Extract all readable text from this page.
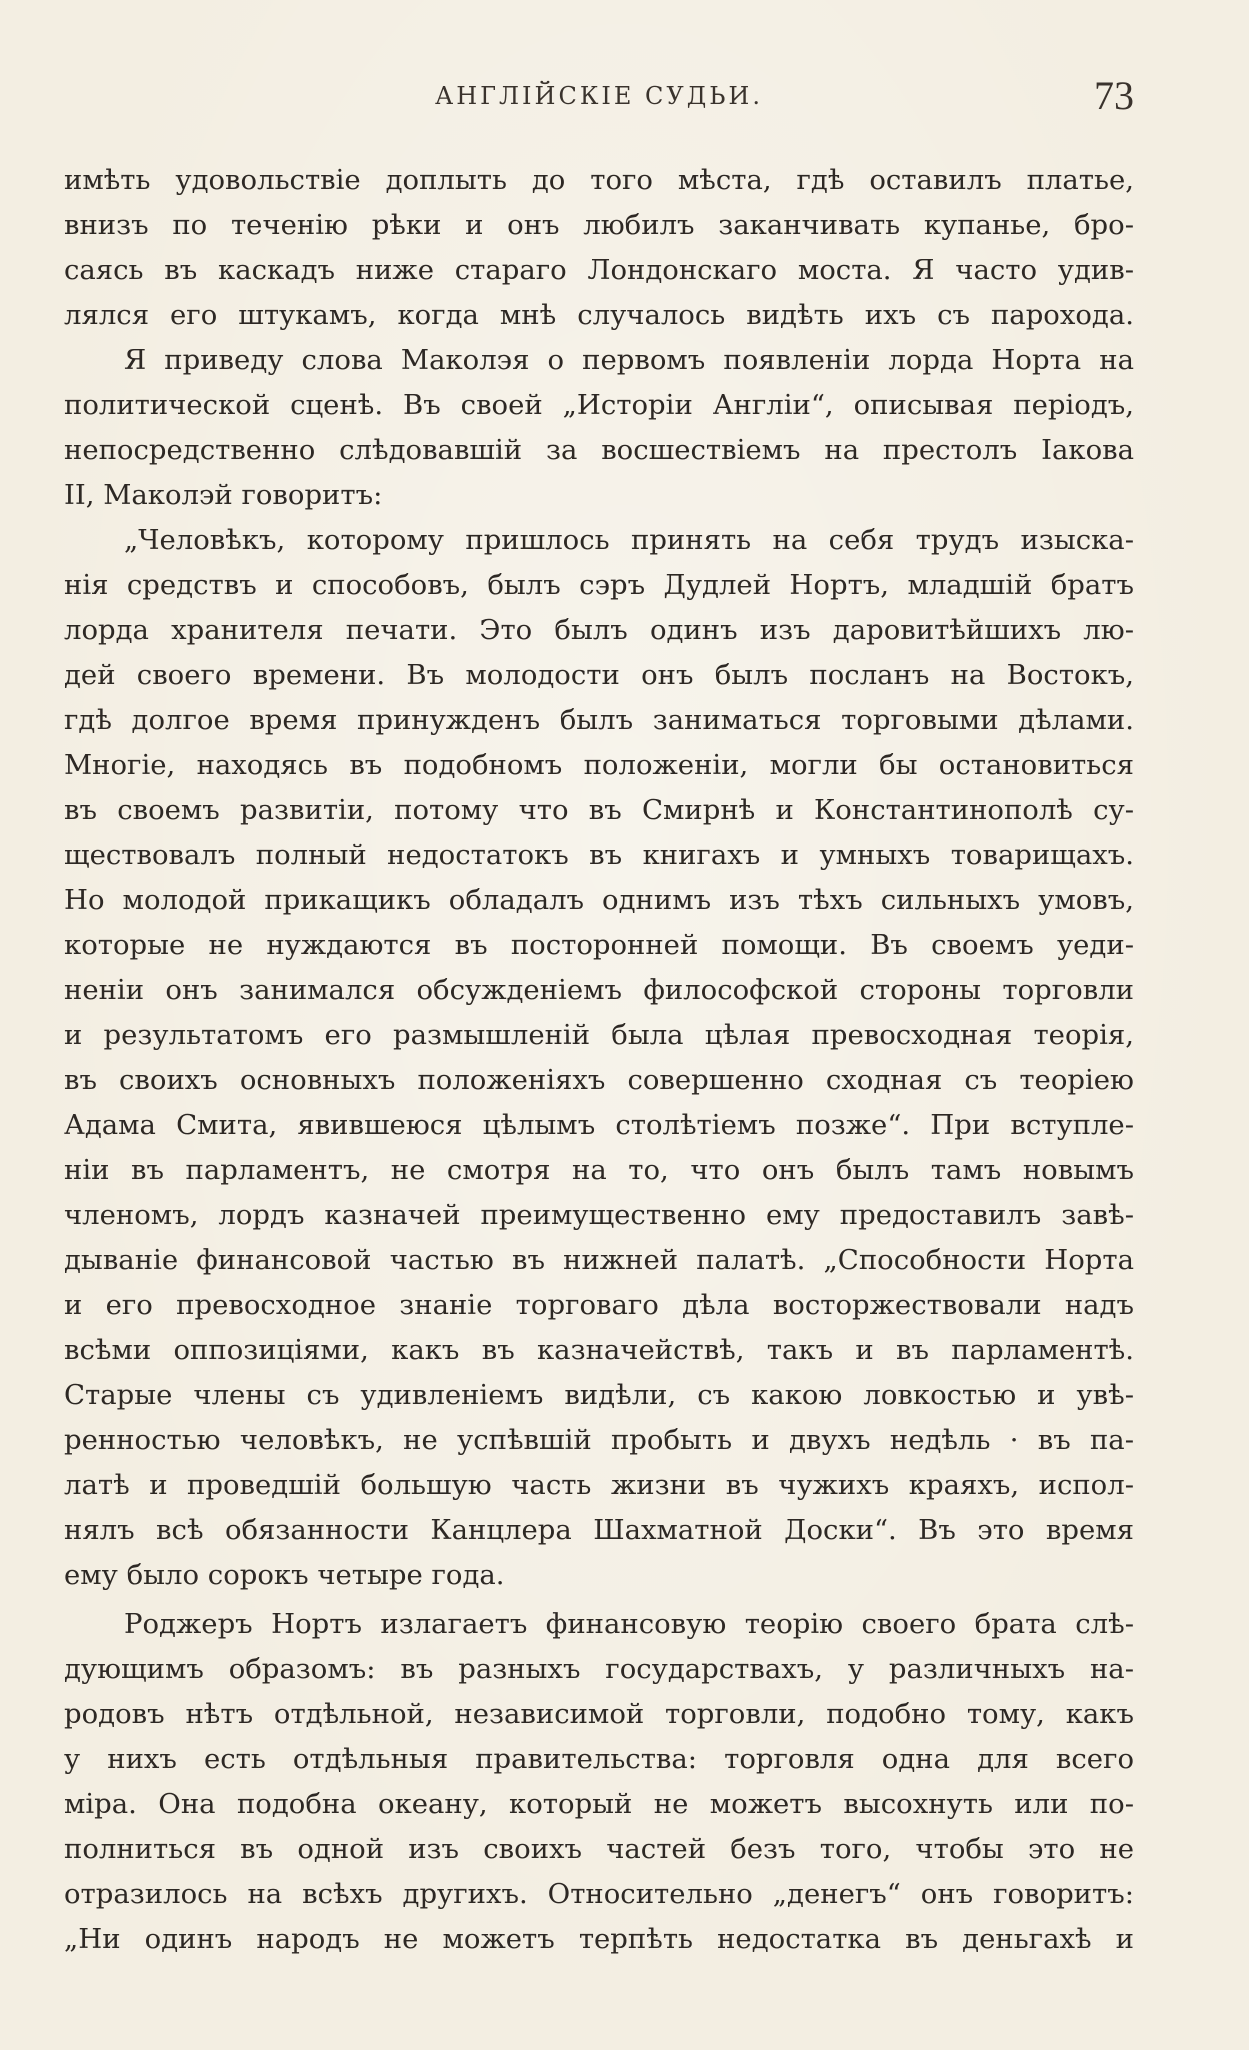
АНГЛІЙСКІЕ СУДЬИ.	73
имѣть удовольствіе доплыть до того мѣста, гдѣ оставилъ платье,
внизъ по теченію рѣки и онъ любилъ заканчивать купанье, бро-
саясь въ каскадъ ниже стараго Лондонскаго моста. Я часто удив-
лялся его штукамъ, когда мнѣ случалось видѣть ихъ съ парохода.
Я приведу слова Маколэя о первомъ появленіи лорда Норта на
политической сценѣ. Въ своей „Исторіи Англіи“, описывая періодъ,
непосредственно слѣдовавшій за восшествіемъ на престолъ Іакова
II, Маколэй говоритъ:
„Человѣкъ, которому пришлось принять на себя трудъ изыска-
нія средствъ и способовъ, былъ сэръ Дудлей Нортъ, младшій братъ
лорда хранителя печати. Это былъ одинъ изъ даровитѣйшихъ лю-
дей своего времени. Въ молодости онъ былъ посланъ на Востокъ,
гдѣ долгое время принужденъ былъ заниматься торговыми дѣлами.
Многіе, находясь въ подобномъ положеніи, могли бы остановиться
въ своемъ развитіи, потому что въ Смирнѣ и Константинополѣ су-
ществовалъ полный недостатокъ въ книгахъ и умныхъ товарищахъ.
Но молодой прикащикъ обладалъ однимъ изъ тѣхъ сильныхъ умовъ,
которые не нуждаются въ посторонней помощи. Въ своемъ уеди-
неніи онъ занимался обсужденіемъ философской стороны торговли
и результатомъ его размышленій была цѣлая превосходная теорія,
въ своихъ основныхъ положеніяхъ совершенно сходная съ теоріею
Адама Смита, явившеюся цѣлымъ столѣтіемъ позже“. При вступле-
ніи въ парламентъ, не смотря на то, что онъ былъ тамъ новымъ
членомъ, лордъ казначей преимущественно ему предоставилъ завѣ-
дываніе финансовой частью въ нижней палатѣ. „Способности Норта
и его превосходное знаніе торговаго дѣла восторжествовали надъ
всѣми оппозиціями, какъ въ казначействѣ, такъ и въ парламентѣ.
Старые члены съ удивленіемъ видѣли, съ какою ловкостью и увѣ-
ренностью человѣкъ, не успѣвшій пробыть и двухъ недѣль · въ па-
латѣ и проведшій большую часть жизни въ чужихъ краяхъ, испол-
нялъ всѣ обязанности Канцлера Шахматной Доски“. Въ это время
ему было сорокъ четыре года.
Роджеръ Нортъ излагаетъ финансовую теорію своего брата слѣ-
дующимъ образомъ: въ разныхъ государствахъ, у различныхъ на-
родовъ нѣтъ отдѣльной, независимой торговли, подобно тому, какъ
у нихъ есть отдѣльныя правительства: торговля одна для всего
міра. Она подобна океану, который не можетъ высохнуть или по-
полниться въ одной изъ своихъ частей безъ того, чтобы это не
отразилось на всѣхъ другихъ. Относительно „денегъ“ онъ говоритъ:
„Ни одинъ народъ не можетъ терпѣть недостатка въ деньгахѣ и
